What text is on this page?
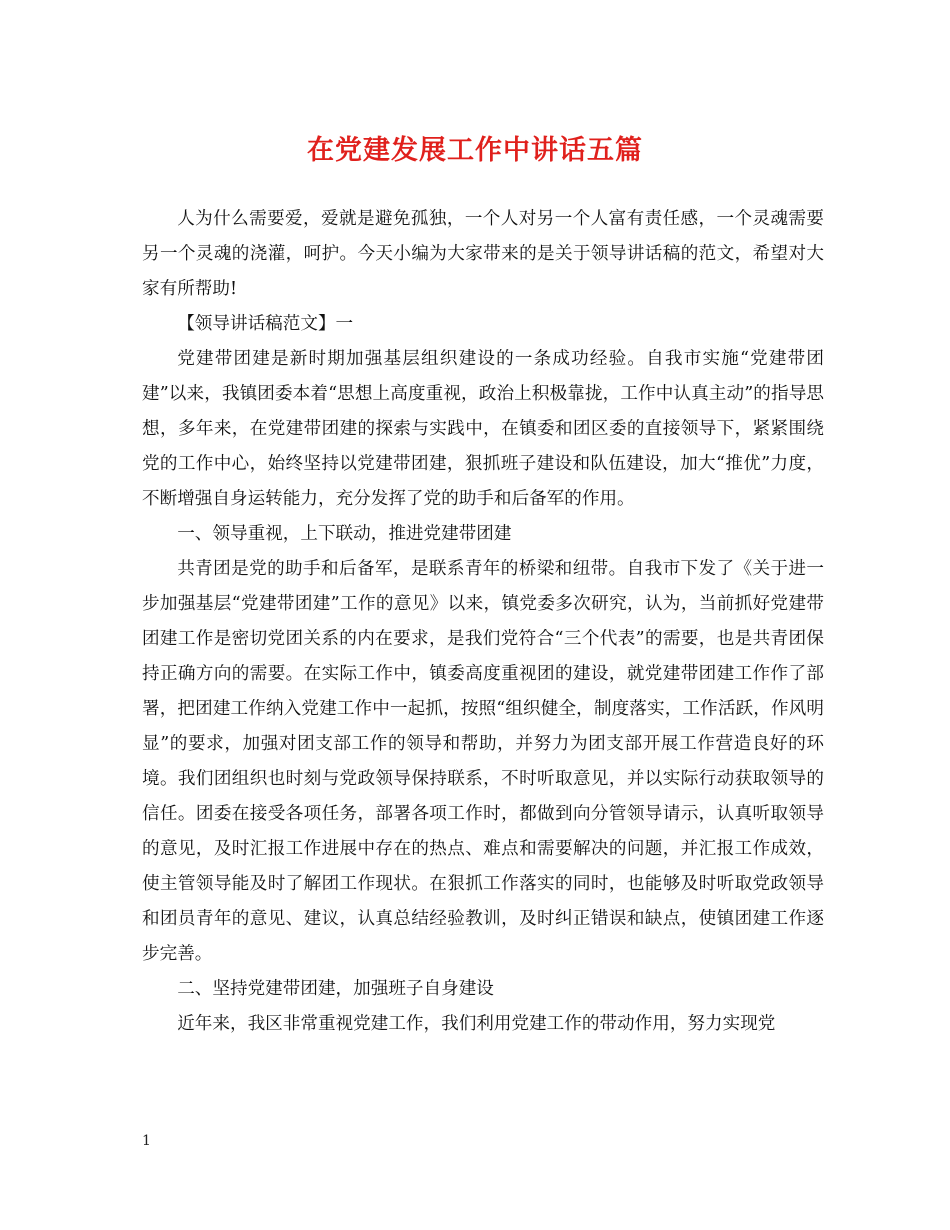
在党建发展工作中讲话五篇

人为什么需要爱，爱就是避免孤独，一个人对另一个人富有责任感，一个灵魂需要另一个灵魂的浇灌，呵护。今天小编为大家带来的是关于领导讲话稿的范文，希望对大家有所帮助!

【领导讲话稿范文】一

党建带团建是新时期加强基层组织建设的一条成功经验。自我市实施“党建带团建”以来，我镇团委本着“思想上高度重视，政治上积极靠拢，工作中认真主动”的指导思想，多年来，在党建带团建的探索与实践中，在镇委和团区委的直接领导下，紧紧围绕党的工作中心，始终坚持以党建带团建，狠抓班子建设和队伍建设，加大“推优”力度，不断增强自身运转能力，充分发挥了党的助手和后备军的作用。

一、领导重视，上下联动，推进党建带团建

共青团是党的助手和后备军，是联系青年的桥梁和纽带。自我市下发了《关于进一步加强基层“党建带团建”工作的意见》以来，镇党委多次研究，认为，当前抓好党建带团建工作是密切党团关系的内在要求，是我们党符合“三个代表”的需要，也是共青团保持正确方向的需要。在实际工作中，镇委高度重视团的建设，就党建带团建工作作了部署，把团建工作纳入党建工作中一起抓，按照“组织健全，制度落实，工作活跃，作风明显”的要求，加强对团支部工作的领导和帮助，并努力为团支部开展工作营造良好的环境。我们团组织也时刻与党政领导保持联系，不时听取意见，并以实际行动获取领导的信任。团委在接受各项任务，部署各项工作时，都做到向分管领导请示，认真听取领导的意见，及时汇报工作进展中存在的热点、难点和需要解决的问题，并汇报工作成效，使主管领导能及时了解团工作现状。在狠抓工作落实的同时，也能够及时听取党政领导和团员青年的意见、建议，认真总结经验教训，及时纠正错误和缺点，使镇团建工作逐步完善。

二、坚持党建带团建，加强班子自身建设

近年来，我区非常重视党建工作，我们利用党建工作的带动作用，努力实现党

1
